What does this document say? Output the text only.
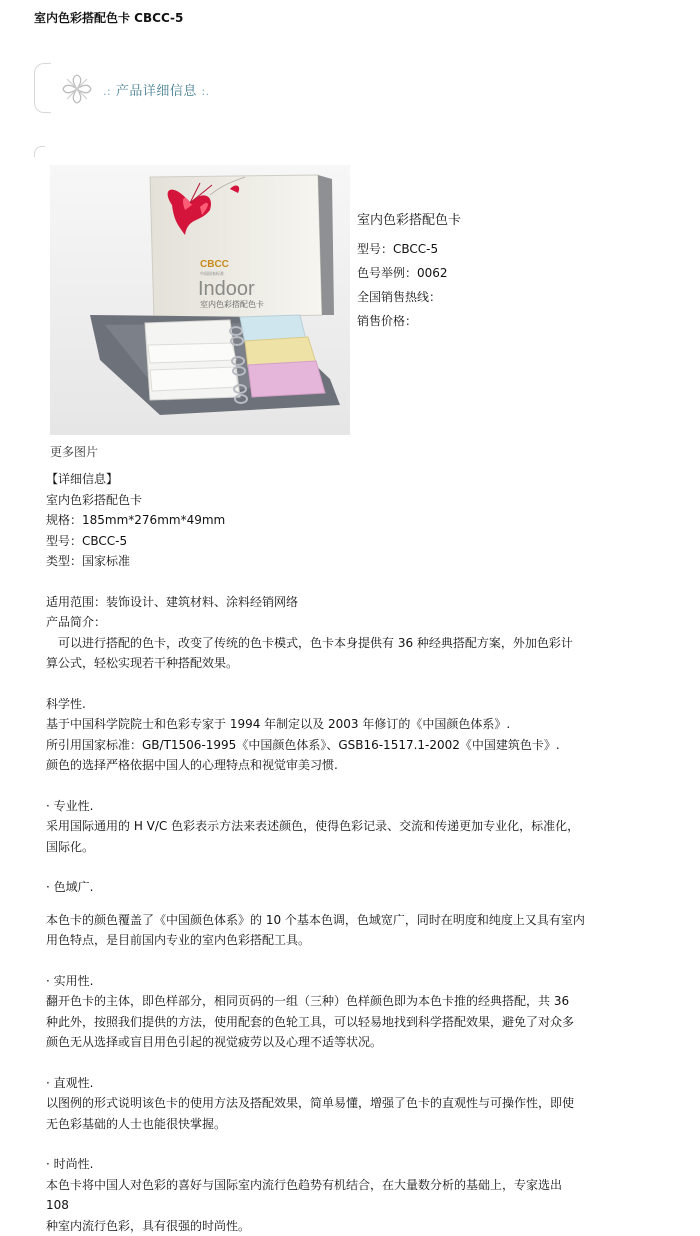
室内色彩搭配色卡 CBCC-5
.: 产品详细信息 :.
CBCC
中国国家标准
Indoor
室内色彩搭配色卡
室内色彩搭配色卡
型号：CBCC-5
色号举例：0062
全国销售热线：
销售价格：
更多图片

【详细信息】

室内色彩搭配色卡

规格：185mm*276mm*49mm

型号：CBCC-5

类型：国家标准

适用范围：装饰设计、建筑材料、涂料经销网络

产品简介：

可以进行搭配的色卡，改变了传统的色卡模式，色卡本身提供有 36 种经典搭配方案，外加色彩计

算公式，轻松实现若干种搭配效果。

科学性.

基于中国科学院院士和色彩专家于 1994 年制定以及 2003 年修订的《中国颜色体系》.

所引用国家标准：GB/T1506-1995《中国颜色体系》、GSB16-1517.1-2002《中国建筑色卡》.

颜色的选择严格依据中国人的心理特点和视觉审美习惯.

· 专业性.

采用国际通用的 H V/C 色彩表示方法来表述颜色，使得色彩记录、交流和传递更加专业化，标准化，

国际化。

· 色域广.

本色卡的颜色覆盖了《中国颜色体系》的 10 个基本色调，色域宽广，同时在明度和纯度上又具有室内

用色特点，是目前国内专业的室内色彩搭配工具。

· 实用性.

翻开色卡的主体，即色样部分，相同页码的一组（三种）色样颜色即为本色卡推的经典搭配，共 36

种此外，按照我们提供的方法，使用配套的色轮工具，可以轻易地找到科学搭配效果，避免了对众多

颜色无从选择或盲目用色引起的视觉疲劳以及心理不适等状况。

· 直观性.

以图例的形式说明该色卡的使用方法及搭配效果，简单易懂，增强了色卡的直观性与可操作性，即使

无色彩基础的人士也能很快掌握。

· 时尚性.

本色卡将中国人对色彩的喜好与国际室内流行色趋势有机结合，在大量数分析的基础上，专家选出 108

种室内流行色彩，具有很强的时尚性。
